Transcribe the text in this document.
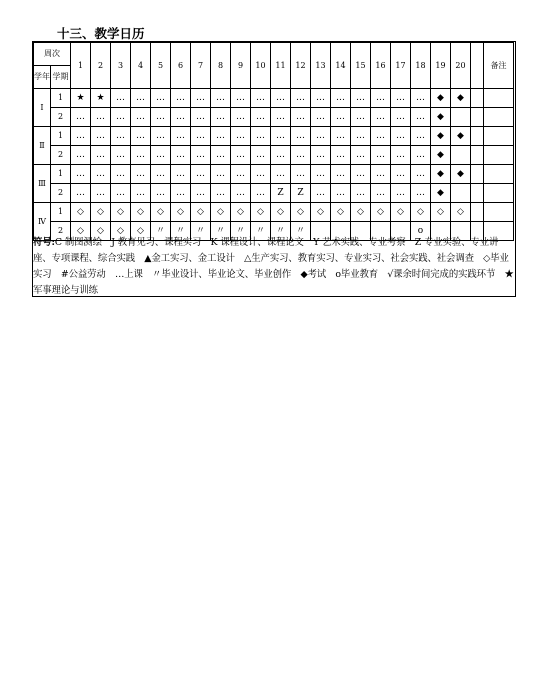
十三、教学日历
周次		1	2	3	4	5	6	7	8	9	10	11	12	13	14	15	16	17	18	19	20		备注
学年	学期																						
Ⅰ	1	★	★	…	…	…	…	…	…	…	…	…	…	…	…	…	…	…	…	◆	◆		
	2	…	…	…	…	…	…	…	…	…	…	…	…	…	…	…	…	…	…	◆			
Ⅱ	1	…	…	…	…	…	…	…	…	…	…	…	…	…	…	…	…	…	…	◆	◆		
	2	…	…	…	…	…	…	…	…	…	…	…	…	…	…	…	…	…	…	◆			
Ⅲ	1	…	…	…	…	…	…	…	…	…	…	…	…	…	…	…	…	…	…	◆	◆		
	2	…	…	…	…	…	…	…	…	…	…	Z	Z	…	…	…	…	…	…	◆			
Ⅳ	1	◇	◇	◇	◇	◇	◇	◇	◇	◇	◇	◇	◇	◇	◇	◇	◇	◇	◇	◇	◇		
	2	◇	◇	◇	◇	〃	〃	〃	〃	〃	〃	〃	〃						o				
符号:C 制图测绘　J 教育见习、课程实习　K 课程设计、课程论文　Y 艺术实践、专业考察　Z 专业实验、专业讲座、专项课程、综合实践　▲金工实习、金工设计　△生产实习、教育实习、专业实习、社会实践、社会调查　◇毕业实习　#公益劳动　…上课　〃毕业设计、毕业论文、毕业创作　◆考试　o毕业教育　√课余时间完成的实践环节　★军事理论与训练
